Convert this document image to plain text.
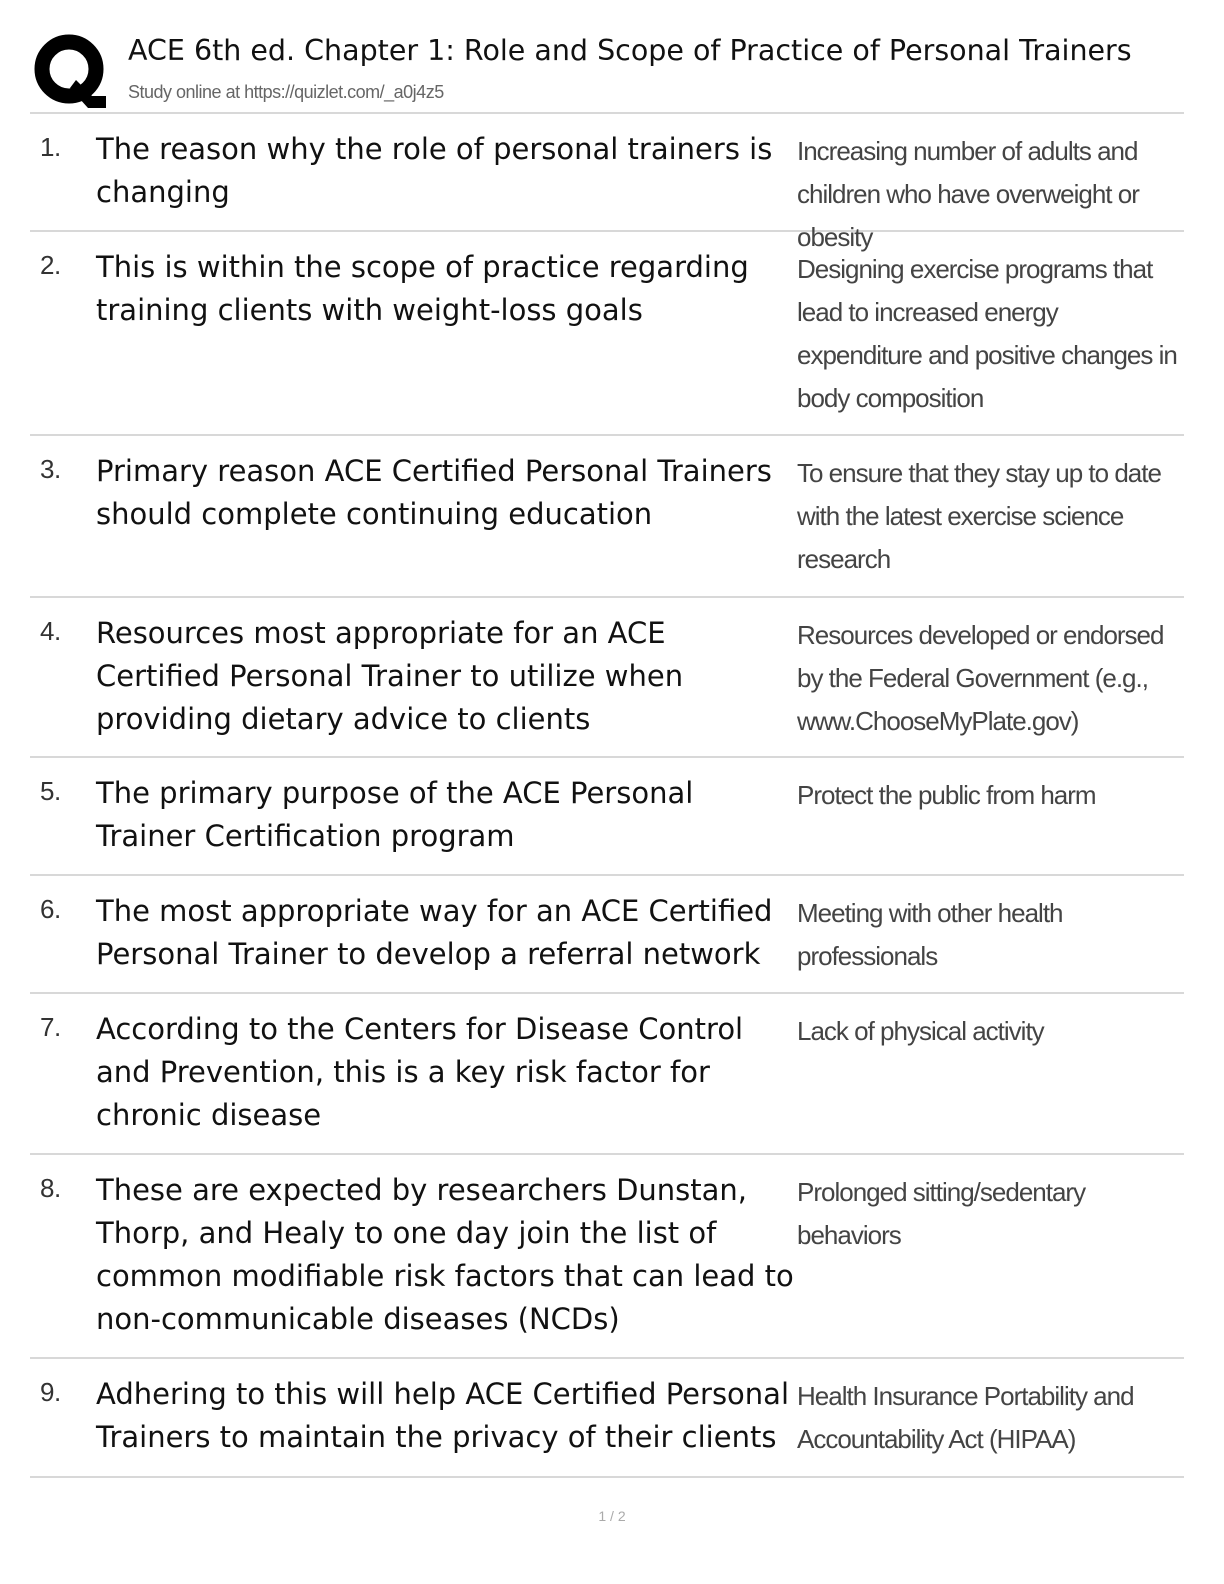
ACE 6th ed. Chapter 1: Role and Scope of Practice of Personal Trainers
Study online at https://quizlet.com/_a0j4z5
1. The reason why the role of personal trainers is changing
Increasing number of adults and children who have overweight or obesity
2. This is within the scope of practice regarding training clients with weight-loss goals
Designing exercise programs that lead to increased energy expenditure and positive changes in body composition
3. Primary reason ACE Certified Personal Trainers should complete continuing education
To ensure that they stay up to date with the latest exercise science research
4. Resources most appropriate for an ACE Certified Personal Trainer to utilize when providing dietary advice to clients
Resources developed or endorsed by the Federal Government (e.g., www.ChooseMyPlate.gov)
5. The primary purpose of the ACE Personal Trainer Certification program
Protect the public from harm
6. The most appropriate way for an ACE Certified Personal Trainer to develop a referral network
Meeting with other health professionals
7. According to the Centers for Disease Control and Prevention, this is a key risk factor for chronic disease
Lack of physical activity
8. These are expected by researchers Dunstan, Thorp, and Healy to one day join the list of common modifiable risk factors that can lead to non-communicable diseases (NCDs)
Prolonged sitting/sedentary behaviors
9. Adhering to this will help ACE Certified Personal Trainers to maintain the privacy of their clients
Health Insurance Portability and Accountability Act (HIPAA)
1 / 2
